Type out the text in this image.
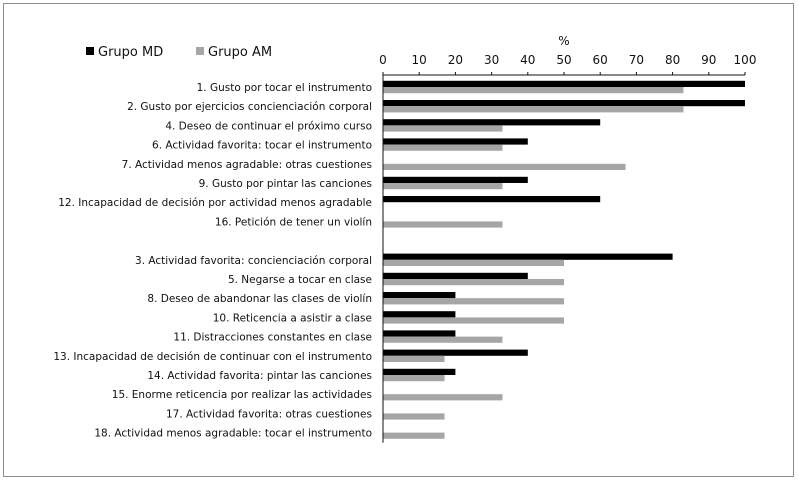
Grupo MD	Grupo AM
%
0 10 20 30 40 50 60 70 80 90 100
1. Gusto por tocar el instrumento
2. Gusto por ejercicios concienciación corporal
4. Deseo de continuar el próximo curso
6. Actividad favorita: tocar el instrumento
7. Actividad menos agradable: otras cuestiones
9. Gusto por pintar las canciones
12. Incapacidad de decisión por actividad menos agradable
16. Petición de tener un violín
3. Actividad favorita: concienciación corporal
5. Negarse a tocar en clase
8. Deseo de abandonar las clases de violín
10. Reticencia a asistir a clase
11. Distracciones constantes en clase
13. Incapacidad de decisión de continuar con el instrumento
14. Actividad favorita: pintar las canciones
15. Enorme reticencia por realizar las actividades
17. Actividad favorita: otras cuestiones
18. Actividad menos agradable: tocar el instrumento
